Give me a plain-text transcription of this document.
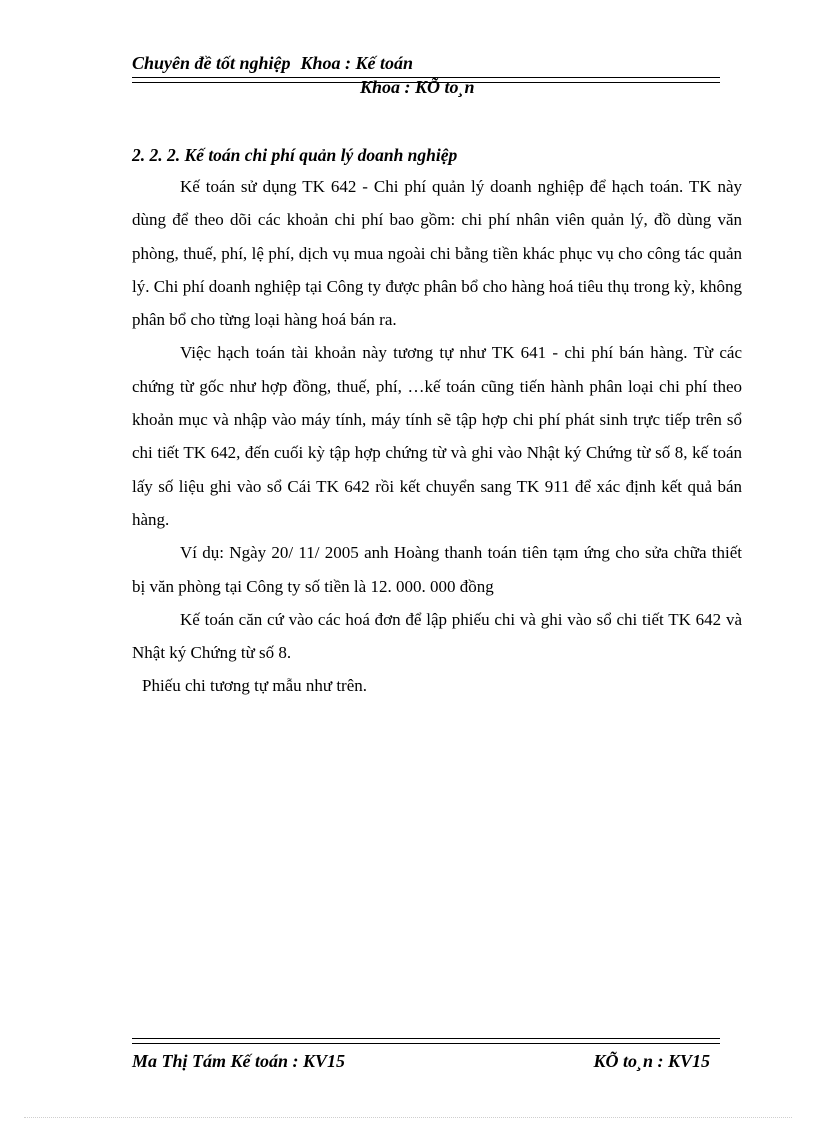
Chuyên đề tốt nghiệp Khoa : Kế toán
Khoa : KÕ to¸n

2. 2. 2. Kế toán chi phí quản lý doanh nghiệp

Kế toán sử dụng TK 642 - Chi phí quản lý doanh nghiệp để hạch toán. TK này dùng để theo dõi các khoản chi phí bao gồm: chi phí nhân viên quản lý, đồ dùng văn phòng, thuế, phí, lệ phí, dịch vụ mua ngoài chi bằng tiền khác phục vụ cho công tác quản lý. Chi phí doanh nghiệp tại Công ty được phân bổ cho hàng hoá tiêu thụ trong kỳ, không phân bổ cho từng loại hàng hoá bán ra.

Việc hạch toán tài khoản này tương tự như TK 641 - chi phí bán hàng. Từ các chứng từ gốc như hợp đồng, thuế, phí, …kế toán cũng tiến hành phân loại chi phí theo khoản mục và nhập vào máy tính, máy tính sẽ tập hợp chi phí phát sinh trực tiếp trên sổ chi tiết TK 642, đến cuối kỳ tập hợp chứng từ và ghi vào Nhật ký Chứng từ số 8, kế toán lấy số liệu ghi vào sổ Cái TK 642 rồi kết chuyển sang TK 911 để xác định kết quả bán hàng.

Ví dụ: Ngày 20/ 11/ 2005 anh Hoàng thanh toán tiên tạm ứng cho sửa chữa thiết bị văn phòng tại Công ty số tiền là 12. 000. 000 đồng

Kế toán căn cứ vào các hoá đơn để lập phiếu chi và ghi vào sổ chi tiết TK 642 và Nhật ký Chứng từ số 8.

Phiếu chi tương tự mẫu như trên.

Ma Thị Tám Kế toán : KV15	KÕ to¸n : KV15
